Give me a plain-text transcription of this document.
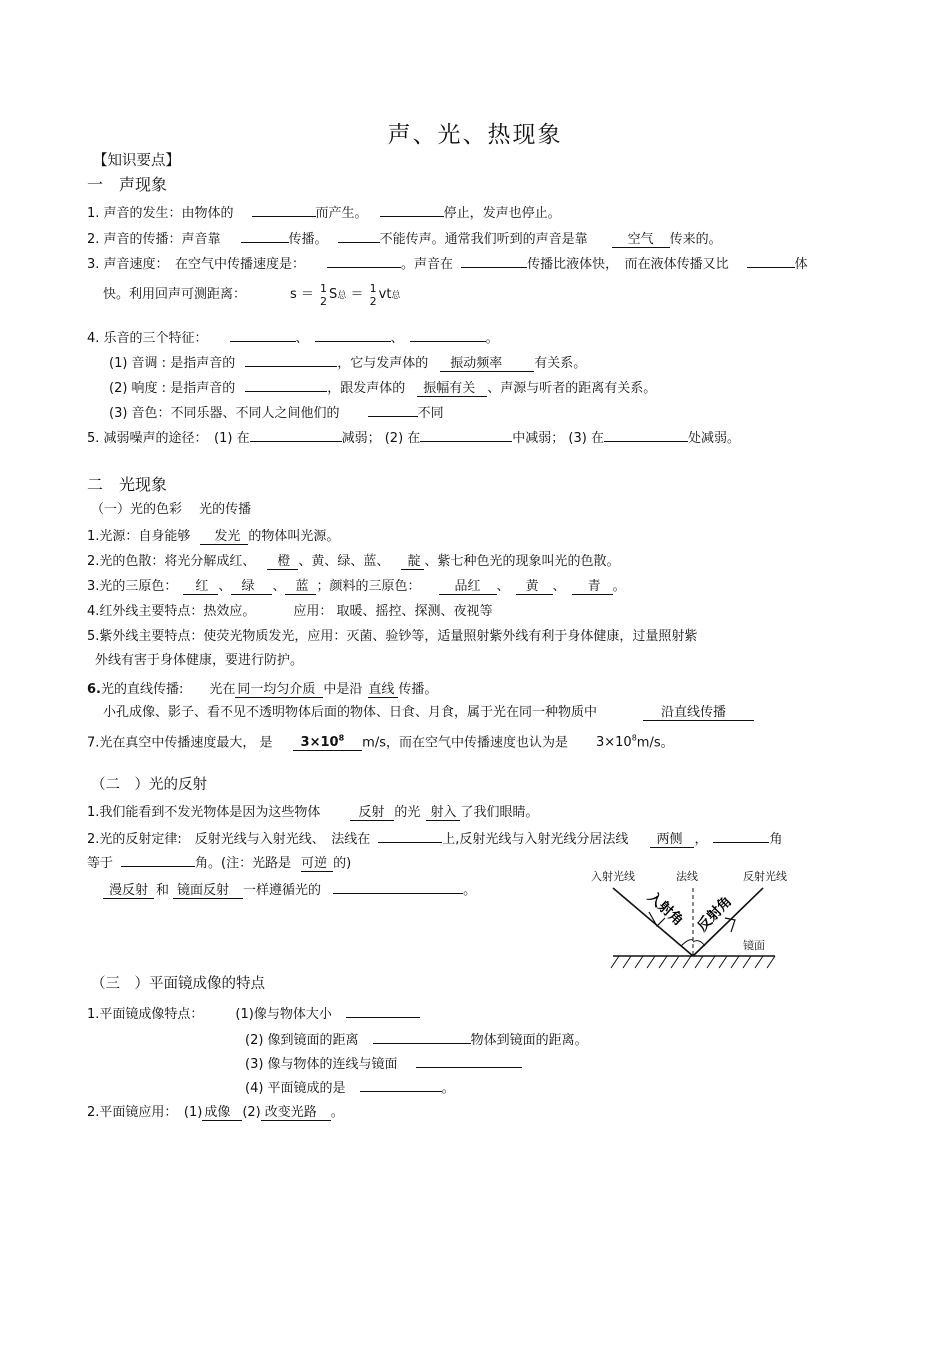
声、光、热现象
【知识要点】
一　声现象
1. 声音的发生：由物体的	而产生。	停止，发声也停止。
2. 声音的传播：声音靠	传播。	不能传声。通常我们听到的声音是靠	空气 传来的。
3. 声音速度：　在空气中传播速度是：	。声音在	传播比液体快，　而在液体传播又比	体
快。利用回声可测距离：	s ＝ 1
2 S总 ＝ 1
2 vt总
4. 乐音的三个特征：	、	、	。
(1) 音调 : 是指声音的	，它与发声体的 振动频率 有关系。
(2) 响度 : 是指声音的	，跟发声体的 振幅有关 、声源与听者的距离有关系。
(3) 音色：不同乐器、不同人之间他们的	不同
5. 减弱噪声的途径：　(1) 在	减弱； (2) 在	中减弱； (3) 在	处减弱。
二　光现象
（一）光的色彩　 光的传播
1.光源：自身能够 发光 的物体叫光源。
2.光的色散：将光分解成红、 橙 、黄、绿、蓝、 靛 、紫七种色光的现象叫光的色散。
3.光的三原色： 红 、 绿 、 蓝 ；颜料的三原色：	品红 、 黄 、 青 。
4.红外线主要特点：热效应。	应用： 取暖、摇控、探测、夜视等
5.紫外线主要特点：使荧光物质发光，应用：灭菌、验钞等，适量照射紫外线有利于身体健康，过量照射紫
外线有害于身体健康，要进行防护。
6.光的直线传播:　　光在 同一均匀介质 中是沿 直线 传播。
小孔成像、影子、看不见不透明物体后面的物体、日食、月食，属于光在同一种物质中	沿直线传播
7.光在真空中传播速度最大， 是 $3\times 10^8$ m/s，而在空气中传播速度也认为是 $3\times 10^8m/s$。
（二　）光的反射
1.我们能看到不发光物体是因为这些物体	反射 的光 射入 了我们眼睛。
2.光的反射定律:　反射光线与入射光线、　法线在	上,反射光线与入射光线分居法线 两侧 ，	角
等于	角。(注：光路是 可逆 的)
漫反射 和 镜面反射 一样遵循光的	。
入射光线	法线	反射光线
镜面
入射角 反射角
（三　）平面镜成像的特点
1.平面镜成像特点： (1)像与物体大小
(2) 像到镜面的距离	物体到镜面的距离。
(3) 像与物体的连线与镜面
(4) 平面镜成的是	。
2.平面镜应用：　(1) 成像 (2) 改变光路 。
